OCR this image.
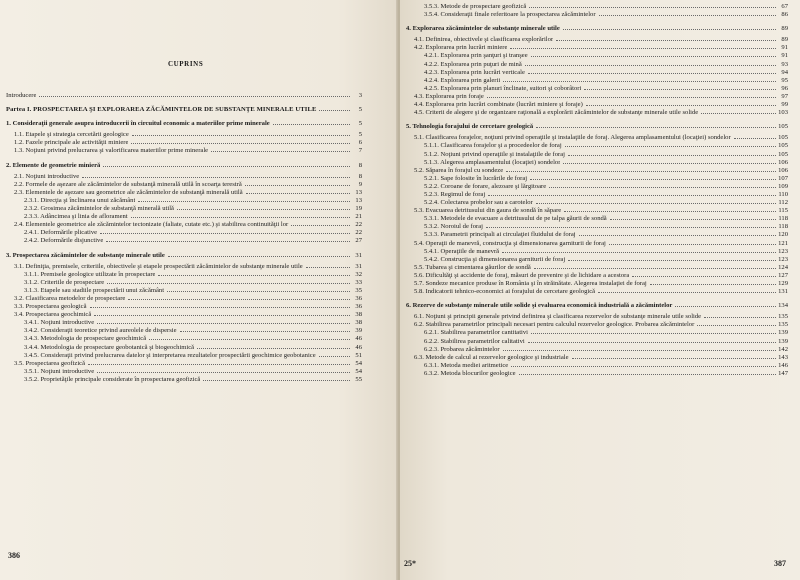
CUPRINS
Introducere	3
Partea I. PROSPECTAREA ŞI EXPLORAREA ZĂCĂMINTELOR DE SUBSTANŢE MINERALE UTILE	5
1. Consideraţii generale asupra introducerii în circuitul economic a materiilor prime minerale	5
1.1. Etapele şi strategia cercetării geologice	5
1.2. Fazele principale ale activităţii miniere	6
1.3. Noţiuni privind prelucrarea şi valorificarea materiilor prime minerale	7
2. Elemente de geometrie minieră	8
2.1. Noţiuni introductive	8
2.2. Formele de aşezare ale zăcămintelor de substanţă minerală utilă în scoarţa terestră	9
2.3. Elementele de aşezare sau geometrice ale zăcămintelor de substanţă minerală utilă	13
2.3.1. Direcţia şi înclinarea unui zăcământ	13
2.3.2. Grosimea zăcămintelor de substanţă minerală utilă	19
2.3.3. Adâncimea şi linia de aflorament	21
2.4. Elementele geometrice ale zăcămintelor tectonizate (faliate, cutate etc.) şi stabilirea continuităţii lor	22
2.4.1. Deformările plicative	22
2.4.2. Deformările disjunctive	27
3. Prospectarea zăcămintelor de substanţe minerale utile	31
3.1. Definiţia, premisele, criteriile, obiectivele şi etapele prospectării zăcămintelor de substanţe minerale utile	31
3.1.1. Premisele geologice utilizate în prospectare	32
3.1.2. Criteriile de prospectare	33
3.1.3. Etapele sau stadiile prospectării unui zăcământ	35
3.2. Clasificarea metodelor de prospectare	36
3.3. Prospectarea geologică	36
3.4. Prospectarea geochimică	38
3.4.1. Noţiuni introductive	38
3.4.2. Consideraţii teoretice privind aureolele de dispersie	39
3.4.3. Metodologia de prospectare geochimică	46
3.4.4. Metodologia de prospectare geobotanică şi biogeochimică	46
3.4.5. Consideraţii privind prelucrarea datelor şi interpretarea rezultatelor prospectării geochimice geobotanice	51
3.5. Prospectarea geofizică	54
3.5.1. Noţiuni introductive	54
3.5.2. Proprietăţile principale considerate în prospectarea geofizică	55
386
3.5.3. Metode de prospectare geofizică	67
3.5.4. Consideraţii finale referitoare la prospectarea zăcămintelor	86
4. Explorarea zăcămintelor de substanţe minerale utile	89
4.1. Definirea, obiectivele şi clasificarea explorărilor	89
4.2. Explorarea prin lucrări miniere	91
4.2.1. Explorarea prin şanţuri şi tranşee	91
4.2.2. Explorarea prin puţuri de mină	93
4.2.3. Explorarea prin lucrări verticale	94
4.2.4. Explorarea prin galerii	95
4.2.5. Explorarea prin planuri înclinate, suitori şi coborâtori	96
4.3. Explorarea prin foraje	97
4.4. Explorarea prin lucrări combinate (lucrări miniere şi foraje)	99
4.5. Criterii de alegere şi de organizare raţională a explorării zăcămintelor de substanţe minerale utile solide	103
5. Tehnologia forajului de cercetare geologică	105
5.1. Clasificarea forajelor, noţiuni privind operaţiile şi instalaţiile de foraj. Alegerea amplasamentului (locaţiei) sondelor	105
5.1.1. Clasificarea forajelor şi a procedeelor de foraj	105
5.1.2. Noţiuni privind operaţiile şi instalaţiile de foraj	105
5.1.3. Alegerea amplasamentului (locaţiei) sondelor	106
5.2. Săparea în forajul cu sondeze	106
5.2.1. Sape folosite în lucrările de foraj	107
5.2.2. Coroane de forare, alezoare şi lărgitoare	109
5.2.3. Regimul de foraj	110
5.2.4. Colectarea probelor sau a carotelor	112
5.3. Evacuarea detritusului din gaura de sondă în săpare	115
5.3.1. Metodele de evacuare a detritusului de pe talpa găurii de sondă	118
5.3.2. Noroiul de foraj	118
5.3.3. Parametrii principali ai circulaţiei fluidului de foraj	120
5.4. Operaţii de manevră, construcţia şi dimensionarea garniturii de foraj	121
5.4.1. Operaţiile de manevră	123
5.4.2. Construcţia şi dimensionarea garniturii de foraj	123
5.5. Tubarea şi cimentarea găurilor de sondă	124
5.6. Dificultăţi şi accidente de foraj, măsuri de prevenire şi de lichidare a acestora	127
5.7. Sondeze mecanice produse în România şi în străinătate. Alegerea instalaţiei de foraj	129
5.8. Indicatorii tehnico-economici ai forajului de cercetare geologică	131
6. Rezerve de substanţe minerale utile solide şi evaluarea economică industrială a zăcămintelor	134
6.1. Noţiuni şi principii generale privind definirea şi clasificarea rezervelor de substanţe minerale utile solide	135
6.2. Stabilirea parametrilor principali necesari pentru calculul rezervelor geologice. Probarea zăcămintelor	135
6.2.1. Stabilirea parametrilor cantitativi	139
6.2.2. Stabilirea parametrilor calitativi	139
6.2.3. Probarea zăcămintelor	142
6.3. Metode de calcul ai rezervelor geologice şi industriale	143
6.3.1. Metoda mediei aritmetice	146
6.3.2. Metoda blocurilor geologice	147
25*	387
